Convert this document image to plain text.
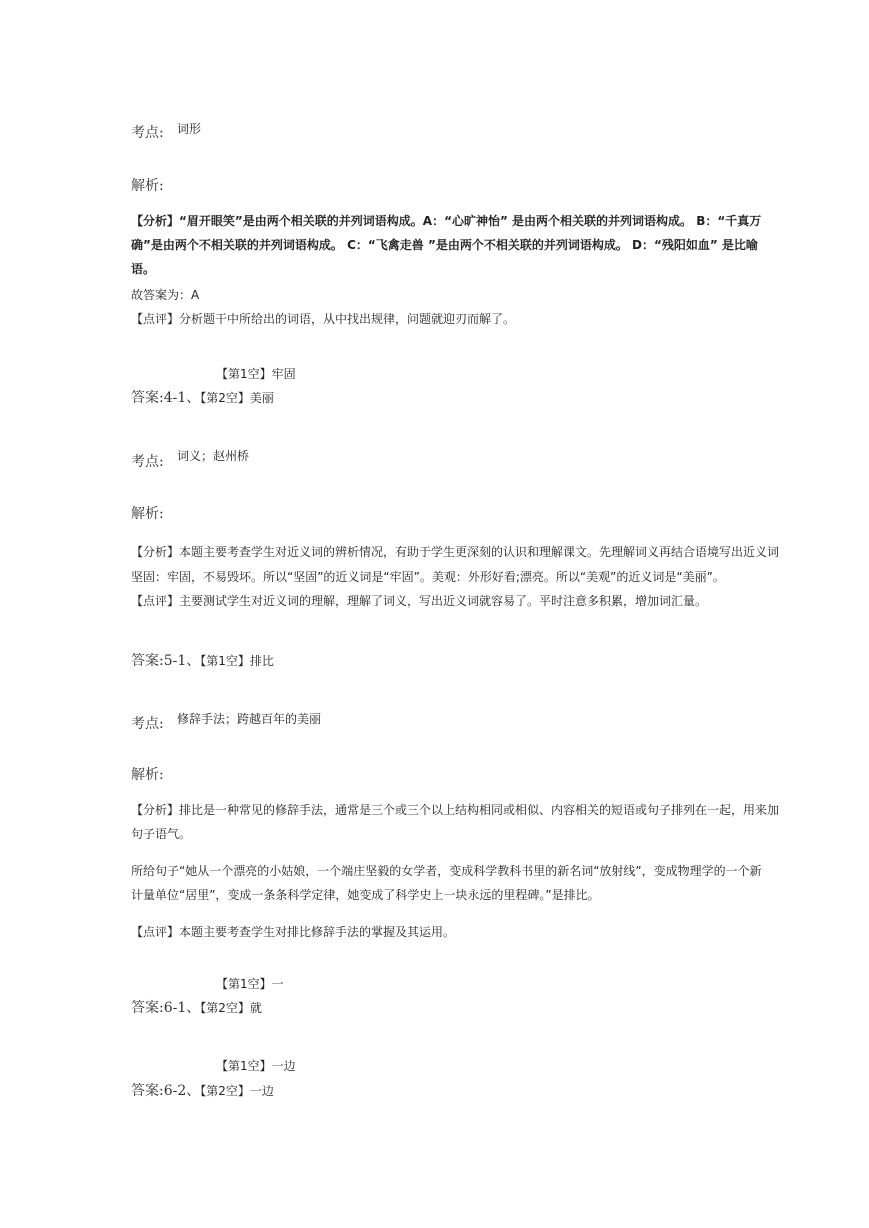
考点: 词形
解析:
【分析】“眉开眼笑”是由两个相关联的并列词语构成。A：“心旷神怡” 是由两个相关联的并列词语构成。 B：“千真万
确”是由两个不相关联的并列词语构成。 C：“飞禽走兽 ”是由两个不相关联的并列词语构成。 D：“残阳如血” 是比喻
语。
故答案为：A
【点评】分析题干中所给出的词语，从中找出规律，问题就迎刃而解了。
【第1空】牢固
答案:4-1、【第2空】美丽
考点: 词义；赵州桥
解析:
【分析】本题主要考查学生对近义词的辨析情况，有助于学生更深刻的认识和理解课文。先理解词义再结合语境写出近义词
坚固：牢固，不易毁坏。所以“坚固”的近义词是“牢固”。美观：外形好看;漂亮。所以“美观”的近义词是“美丽”。
【点评】主要测试学生对近义词的理解，理解了词义，写出近义词就容易了。平时注意多积累，增加词汇量。
答案:5-1、【第1空】排比
考点: 修辞手法；跨越百年的美丽
解析:
【分析】排比是一种常见的修辞手法，通常是三个或三个以上结构相同或相似、内容相关的短语或句子排列在一起，用来加
句子语气。
所给句子“她从一个漂亮的小姑娘，一个端庄坚毅的女学者，变成科学教科书里的新名词“放射线”，变成物理学的一个新
计量单位“居里”，变成一条条科学定律，她变成了科学史上一块永远的里程碑。”是排比。
【点评】本题主要考查学生对排比修辞手法的掌握及其运用。
【第1空】一
答案:6-1、【第2空】就
【第1空】一边
答案:6-2、【第2空】一边
